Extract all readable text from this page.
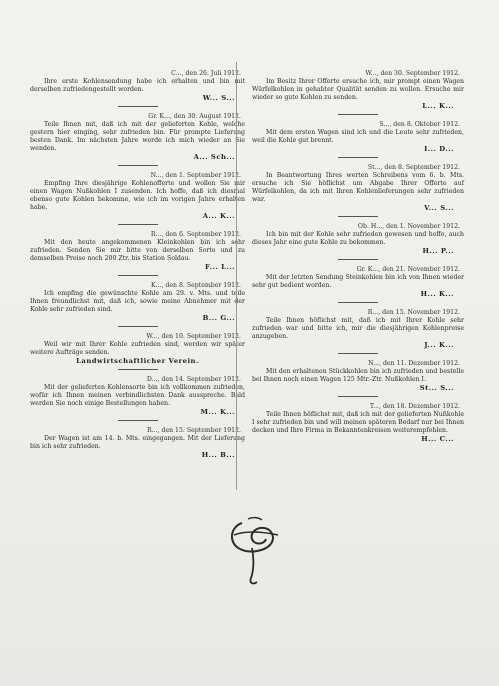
C..., den 26. Juli 1912.
Ihre erste Kohlensendung habe ich erhalten und bin mit derselben zufriedengestellt worden.
W... S...
Gr. K..., den 30. August 1912.
Teile Ihnen mit, daß ich mit der gelieferten Kohle, welche gestern hier einging, sehr zufrieden bin. Für prompte Lieferung besten Dank. Im nächsten Jahre werde ich mich wieder an Sie wenden.
A... Sch...
N..., den 1. September 1912.
Empfing Ihre diesjährige Kohlenofferte und wollen Sie mir einen Wagen Nußkohlen I zusenden. Ich hoffe, daß ich diesmal ebenso gute Kohlen bekomme, wie ich im vorigen Jahre erhalten habe.
A... K...
R..., den 6. September 1912.
Mit den heute angekommenen Kleinkohlen bin ich sehr zufrieden. Senden Sie mir bitte von derselben Sorte und zu demselben Preise noch 200 Ztr. bis Station Soldau.
F... L...
K..., den 8. September 1912.
Ich empfing die gewünschte Kohle am 29. v. Mts. und teile Ihnen freundlichst mit, daß ich, sowie meine Abnehmer mit der Kohle sehr zufrieden sind.
B... G...
W..., den 10. September 1912.
Weil wir mit Ihrer Kohle zufrieden sind, werden wir später weitere Aufträge senden.
Landwirtschaftlicher Verein.
D..., den 14. September 1912.
Mit der gelieferten Kohlensorte bin ich vollkommen zufrieden, wofür ich Ihnen meinen verbindlichsten Dank ausspreche. Bald werden Sie noch einige Bestellungen haben.
M... K...
R..., den 15. September 1912.
Der Wagen ist am 14. b. Mts. eingegangen. Mit der Lieferung bin ich sehr zufrieden.
H... B...
W..., den 30. September 1912.
Im Besitz Ihrer Offerte ersuche ich, mir prompt einen Wagen Würfelkohlen in gehabter Qualität senden zu wollen. Ersuche mir wieder so gute Kohlen zu senden.
L... K...
S..., den 8. Oktober 1912.
Mit dem ersten Wagen sind ich und die Leute sehr zufrieden, weil die Kohle gut brennt.
I... D...
St..., den 8. September 1912.
In Beantwortung Ihres werten Schreibens vom 6. b. Mts. ersuche ich Sie höflichst um Abgabe Ihrer Offerte auf Würfelkohlen, da ich mit Ihren Kohlenlieferungen sehr zufrieden war.
V... S...
Ob. H..., den 1. November 1912.
Ich bin mit der Kohle sehr zufrieden gewesen und hoffe, auch dieses Jahr eine gute Kohle zu bekommen.
H... P...
Gr. K..., den 21. November 1912.
Mit der letzten Sendung Steinkohlen bin ich von Ihnen wieder sehr gut bedient worden.
H... K...
R..., den 15. November 1912.
Teile Ihnen höflichst mit, daß ich mit Ihrer Kohle sehr zufrieden war und bitte ich, mir die diesjährigen Kohlenpreise anzugeben.
J... K...
N..., den 11. Dezember 1912.
Mit den erhaltenen Stückkohlen bin ich zufrieden und bestelle bei Ihnen noch einen Wagen 125 Mtr.-Ztr. Nußkohlen I.
St... S...
T..., den 18. Dezember 1912.
Teile Ihnen höflichst mit, daß ich mit der gelieferten Nußkohle I sehr zufrieden bin und will meinen späteren Bedarf nur bei Ihnen decken und Ihre Firma in Bekanntenkreisen weiterempfehlen.
H... C...
